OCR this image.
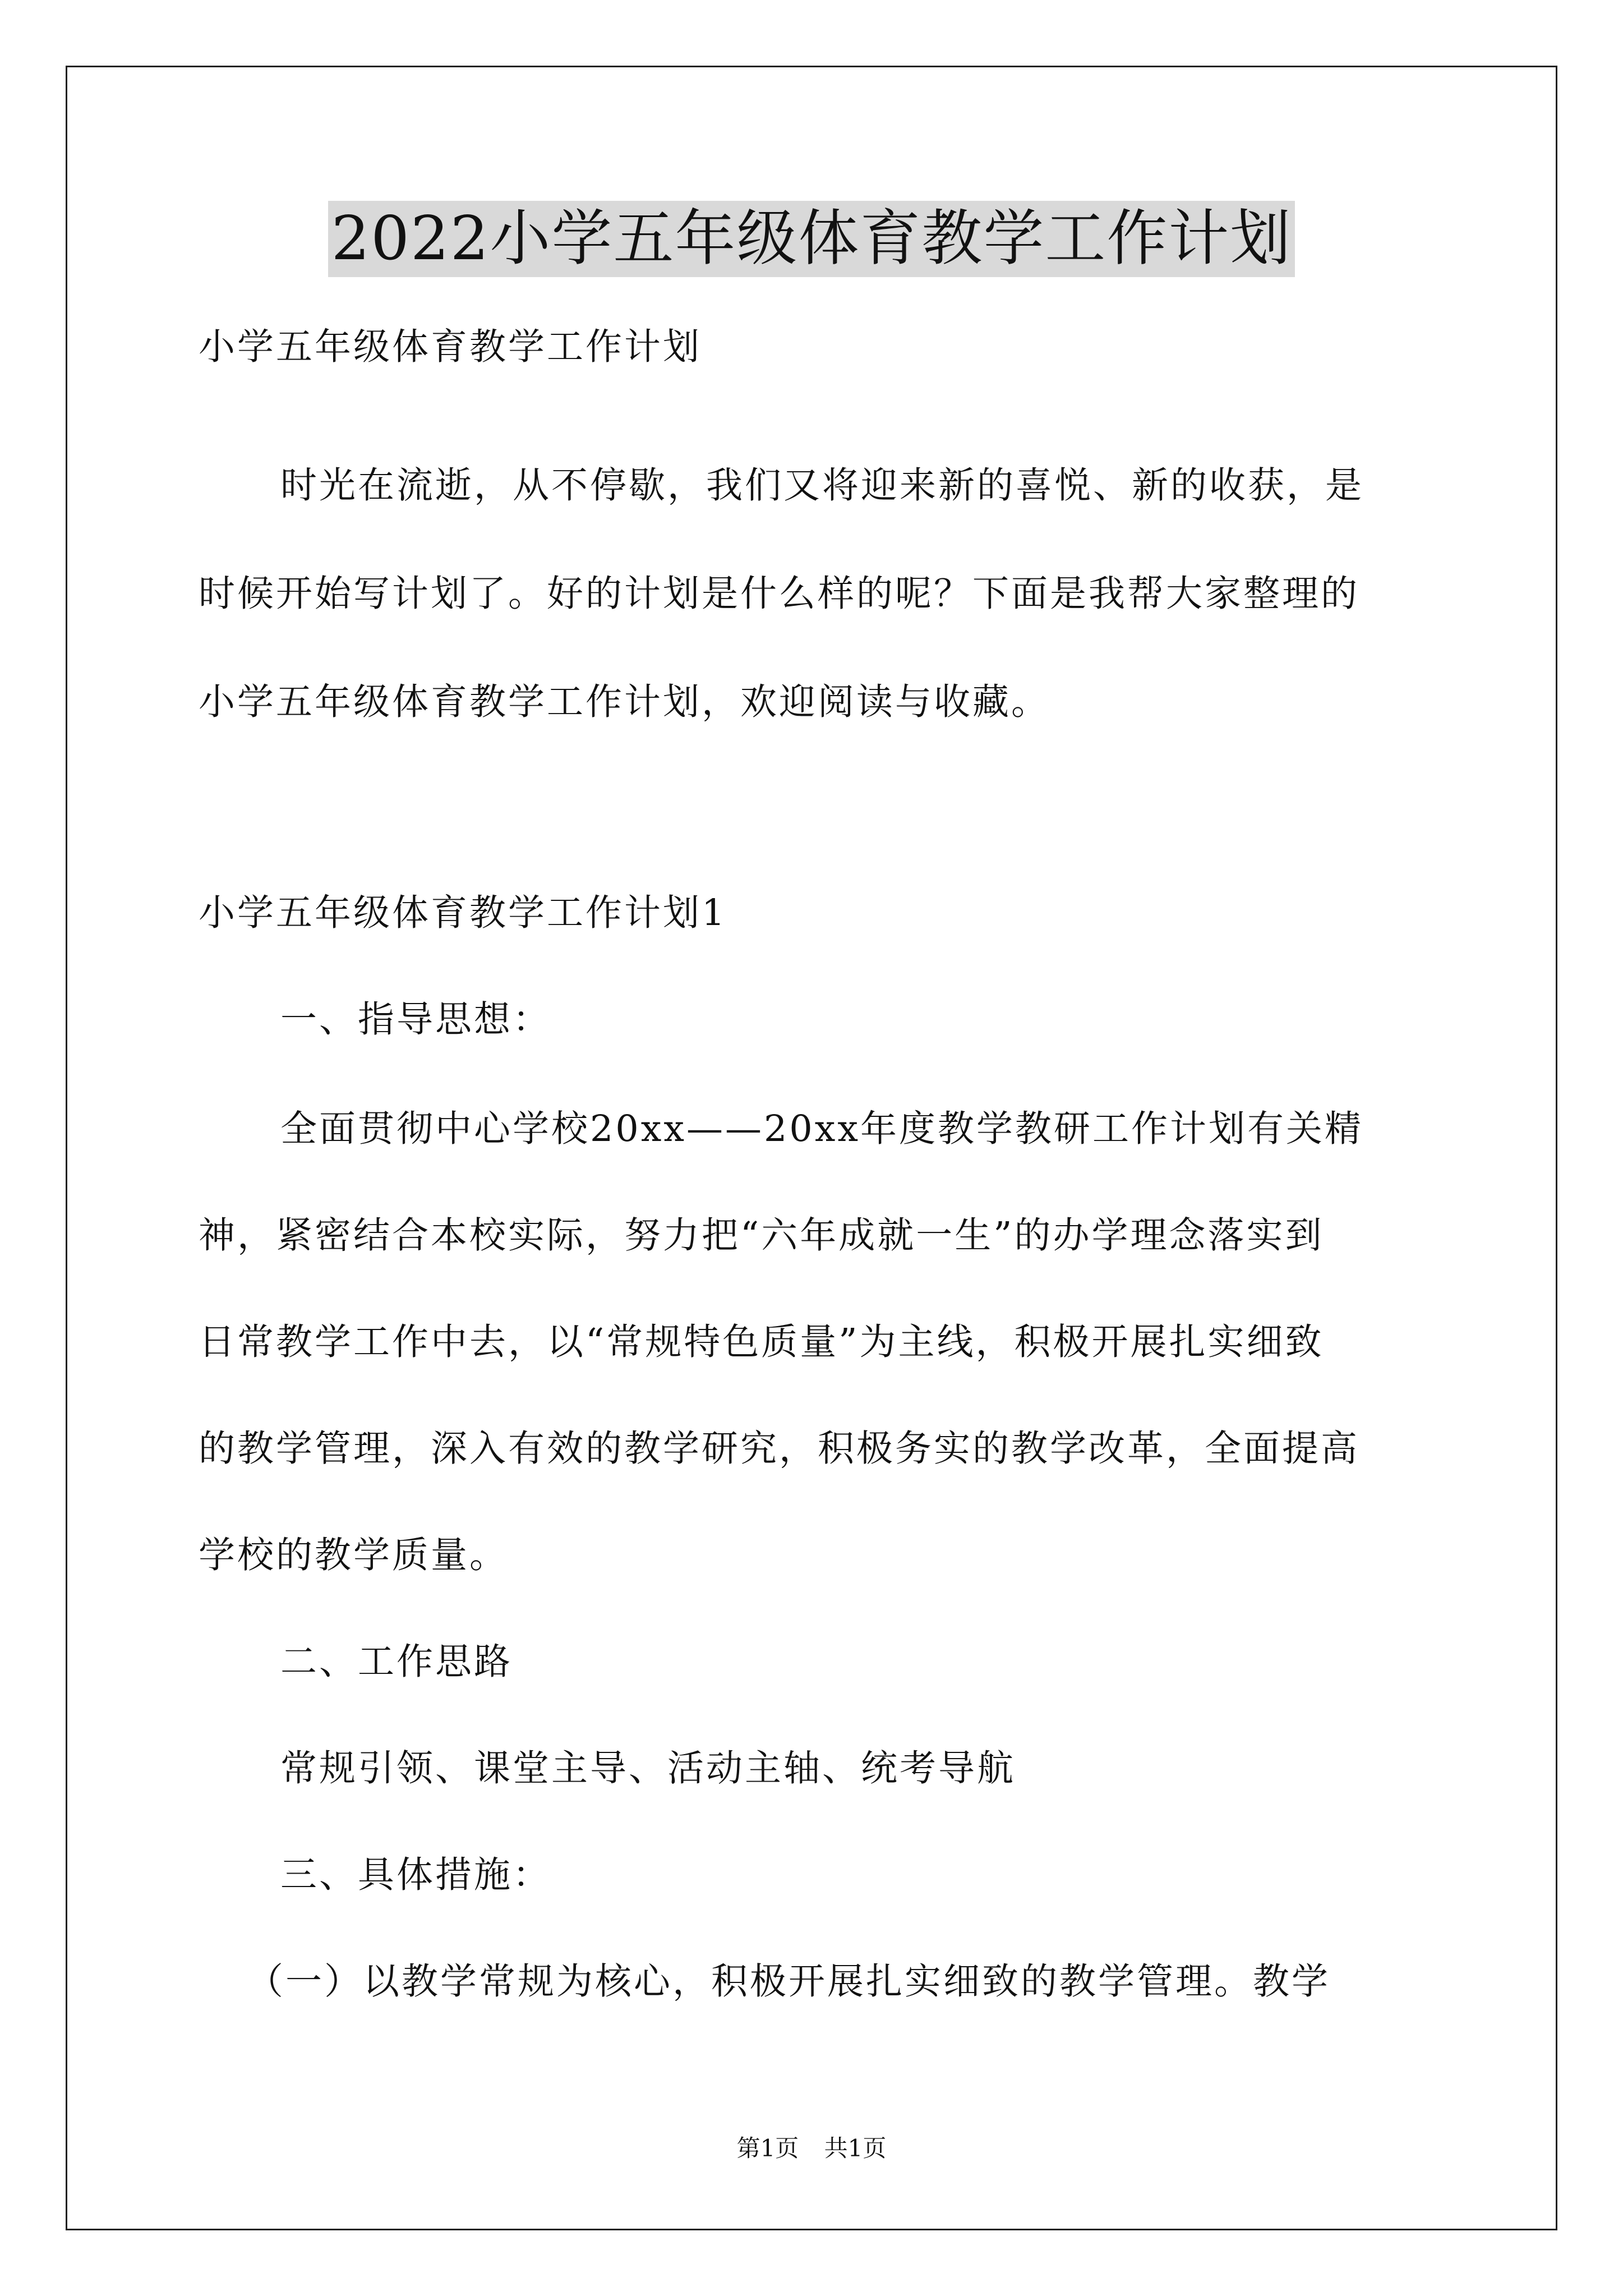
2022小学五年级体育教学工作计划
小学五年级体育教学工作计划
时光在流逝，从不停歇，我们又将迎来新的喜悦、新的收获，是
时候开始写计划了。好的计划是什么样的呢？下面是我帮大家整理的
小学五年级体育教学工作计划，欢迎阅读与收藏。
小学五年级体育教学工作计划1
一、指导思想：
全面贯彻中心学校20xx——20xx年度教学教研工作计划有关精
神，紧密结合本校实际，努力把“六年成就一生”的办学理念落实到
日常教学工作中去，以“常规特色质量”为主线，积极开展扎实细致
的教学管理，深入有效的教学研究，积极务实的教学改革，全面提高
学校的教学质量。
二、工作思路
常规引领、课堂主导、活动主轴、统考导航
三、具体措施：
（一）以教学常规为核心，积极开展扎实细致的教学管理。教学
第1页 共1页
